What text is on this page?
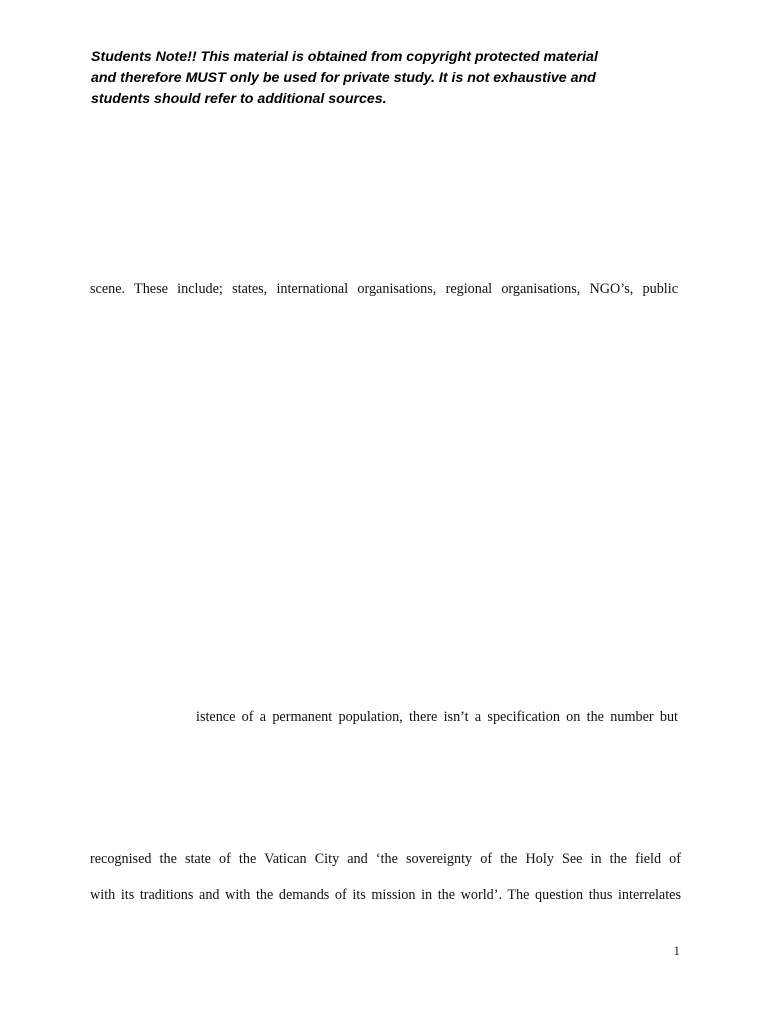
Students Note!! This material is obtained from copyright protected material
and therefore MUST only be used for private study. It is not exhaustive and
students should refer to additional sources.
scene. These include; states, international organisations, regional organisations, NGO’s, public
istence of a permanent population, there isn’t a specification on the number but
recognised the state of the Vatican City and ‘the sovereignty of the Holy See in the field of
with its traditions and with the demands of its mission in the world’. The question thus interrelates
1
